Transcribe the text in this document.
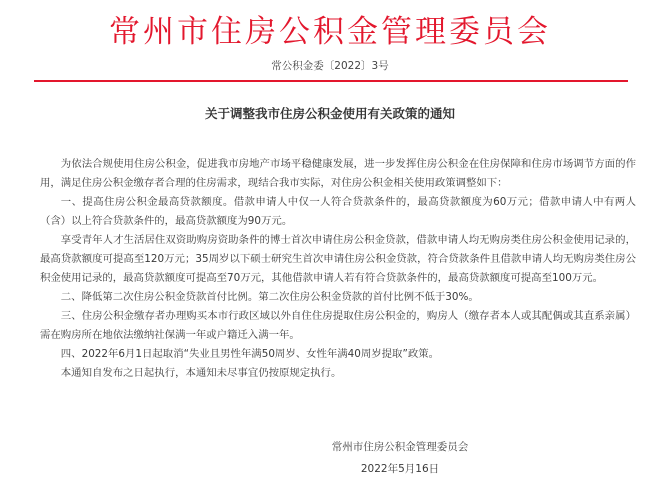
常州市住房公积金管理委员会
常公积金委〔2022〕3号
关于调整我市住房公积金使用有关政策的通知

为依法合规使用住房公积金，促进我市房地产市场平稳健康发展，进一步发挥住房公积金在住房保障和住房市场调节方面的作用，满足住房公积金缴存者合理的住房需求，现结合我市实际，对住房公积金相关使用政策调整如下：

一、提高住房公积金最高贷款额度。借款申请人中仅一人符合贷款条件的，最高贷款额度为60万元；借款申请人中有两人（含）以上符合贷款条件的，最高贷款额度为90万元。

享受青年人才生活居住双资助购房资助条件的博士首次申请住房公积金贷款，借款申请人均无购房类住房公积金使用记录的，最高贷款额度可提高至120万元；35周岁以下硕士研究生首次申请住房公积金贷款，符合贷款条件且借款申请人均无购房类住房公积金使用记录的，最高贷款额度可提高至70万元，其他借款申请人若有符合贷款条件的，最高贷款额度可提高至100万元。

二、降低第二次住房公积金贷款首付比例。第二次住房公积金贷款的首付比例不低于30%。

三、住房公积金缴存者办理购买本市行政区域以外自住住房提取住房公积金的，购房人（缴存者本人或其配偶或其直系亲属）需在购房所在地依法缴纳社保满一年或户籍迁入满一年。

四、2022年6月1日起取消“失业且男性年满50周岁、女性年满40周岁提取”政策。

本通知自发布之日起执行，本通知未尽事宜仍按原规定执行。

常州市住房公积金管理委员会
2022年5月16日
